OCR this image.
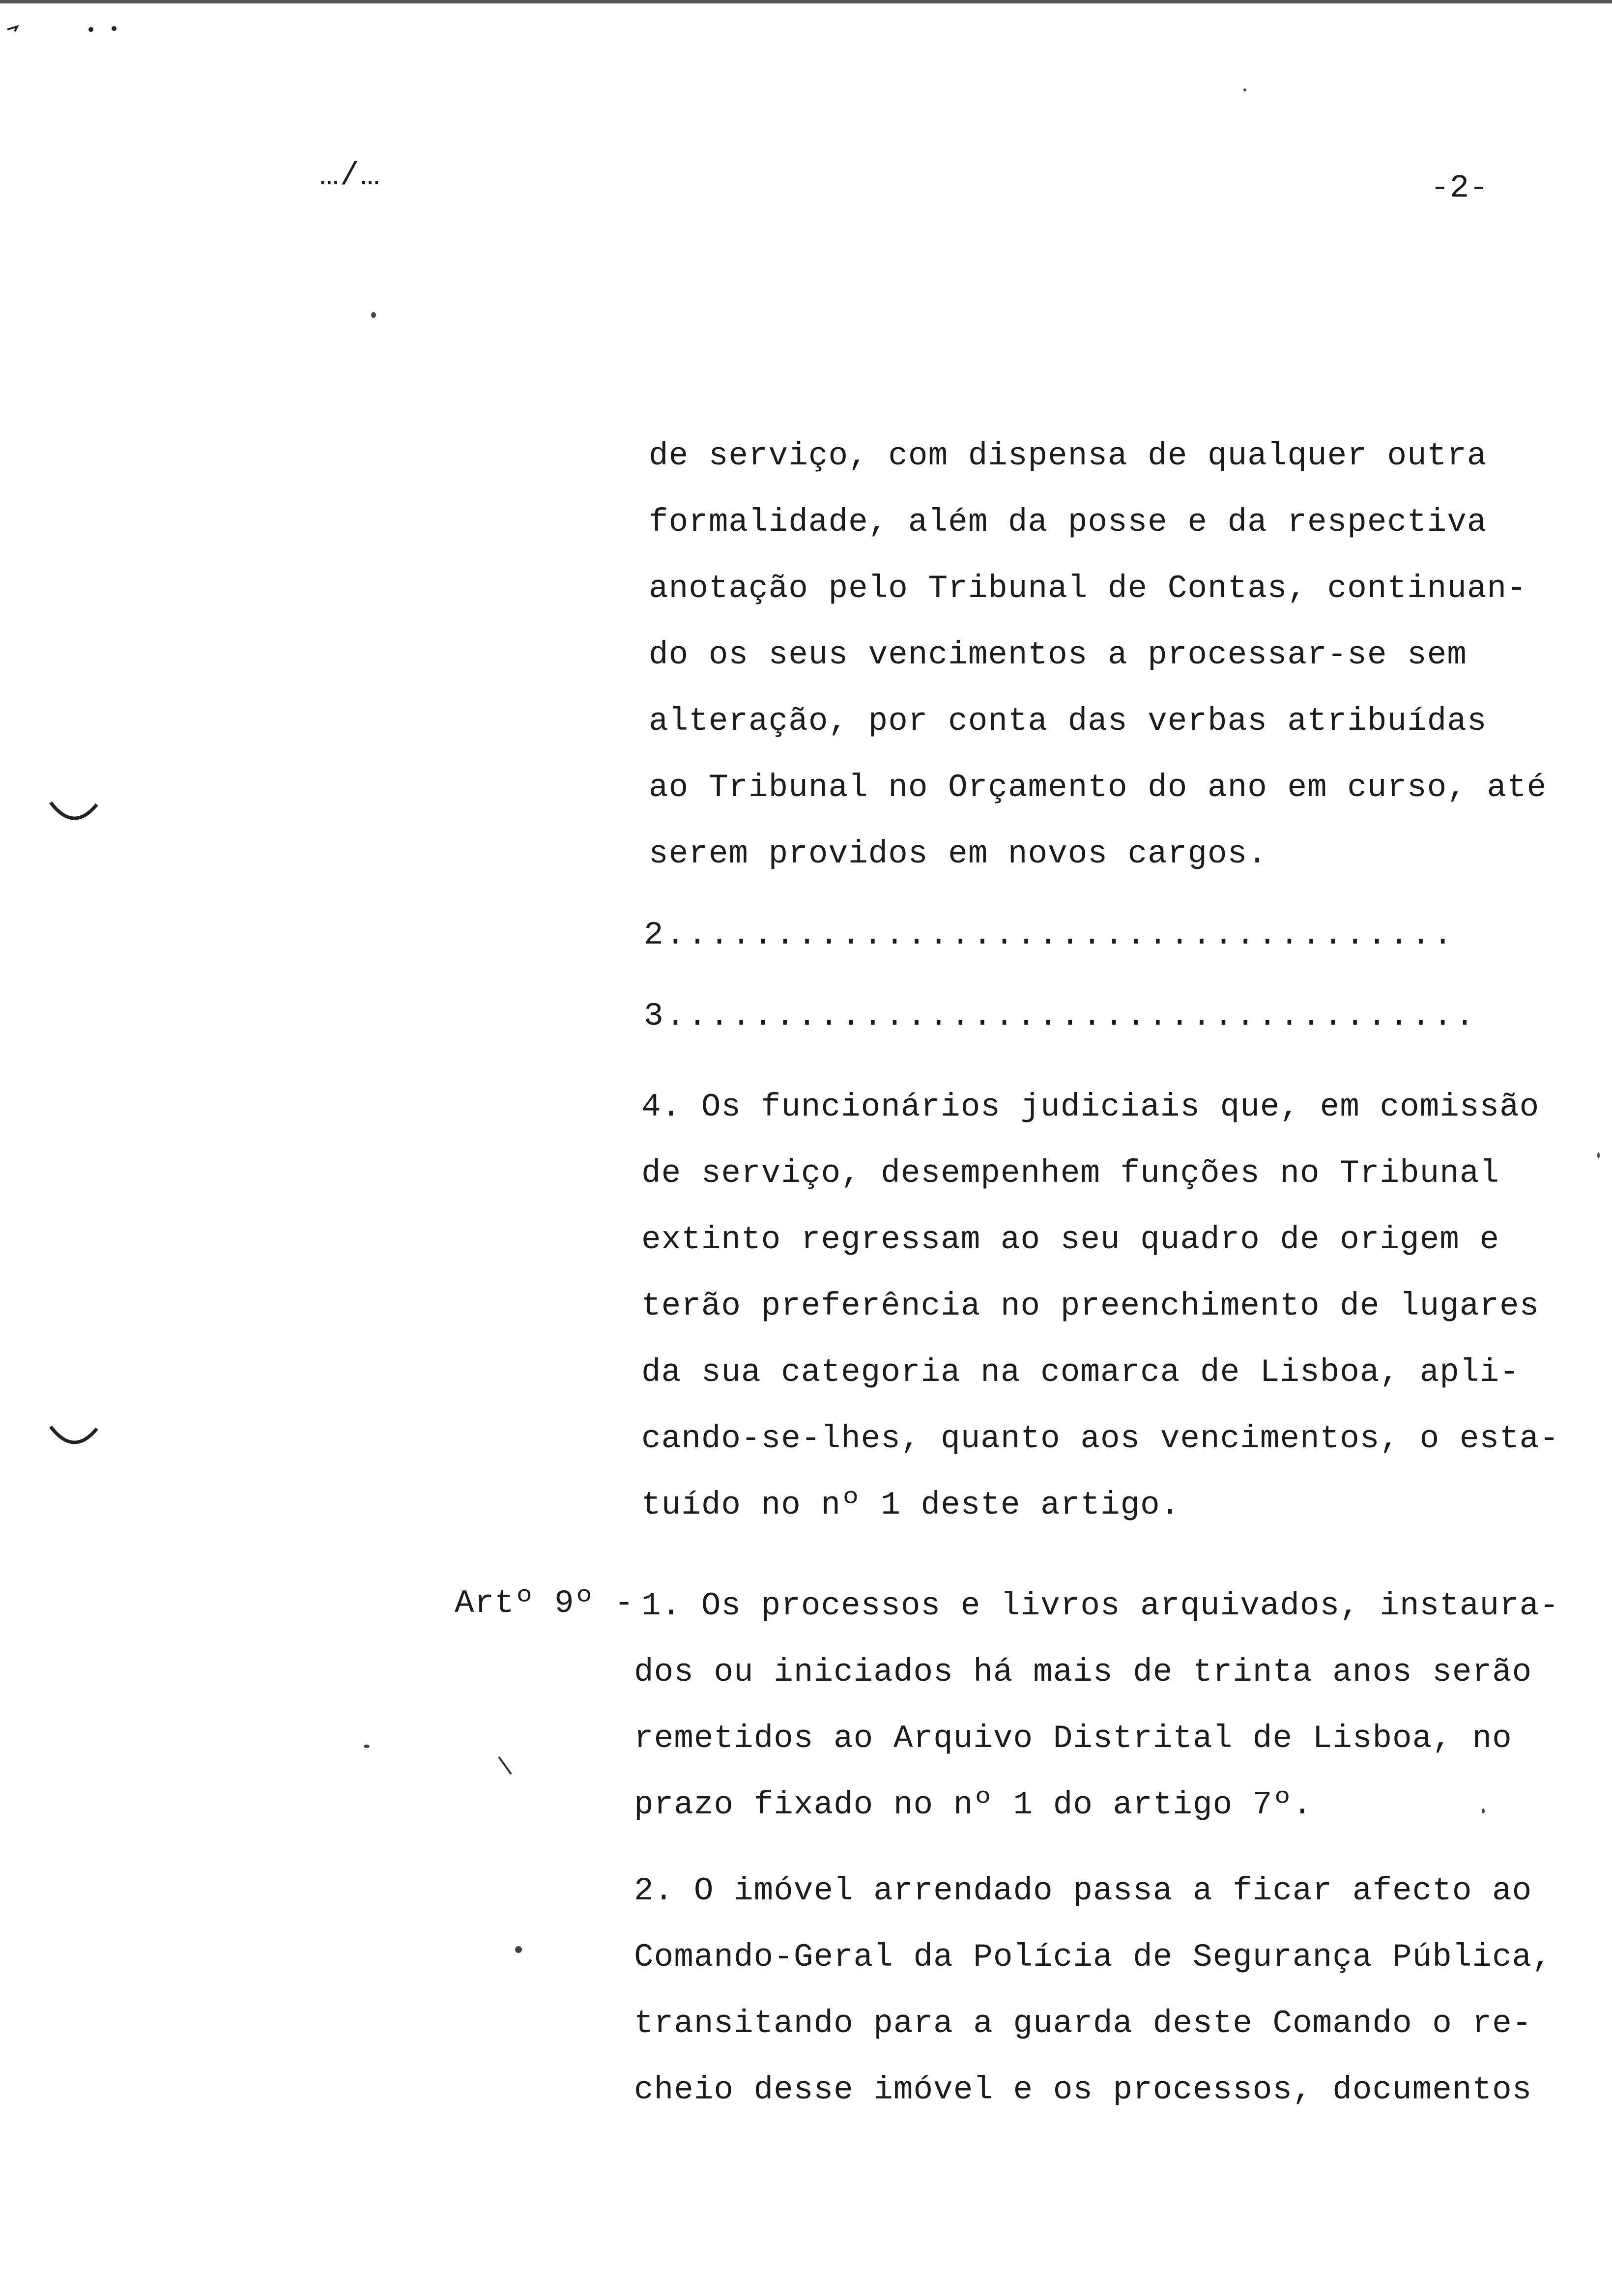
…/…	-2-
de serviço, com dispensa de qualquer outra
formalidade, além da posse e da respectiva
anotação pelo Tribunal de Contas, continuan-
do os seus vencimentos a processar-se sem
alteração, por conta das verbas atribuídas
ao Tribunal no Orçamento do ano em curso, até
serem providos em novos cargos.
2....................................
3.....................................
4. Os funcionários judiciais que, em comissão
de serviço, desempenhem funções no Tribunal
extinto regressam ao seu quadro de origem e
terão preferência no preenchimento de lugares
da sua categoria na comarca de Lisboa, apli-
cando-se-lhes, quanto aos vencimentos, o esta-
tuído no nº 1 deste artigo.
Artº 9º - 1. Os processos e livros arquivados, instaura-
dos ou iniciados há mais de trinta anos serão
remetidos ao Arquivo Distrital de Lisboa, no
prazo fixado no nº 1 do artigo 7º.
2. O imóvel arrendado passa a ficar afecto ao
Comando-Geral da Polícia de Segurança Pública,
transitando para a guarda deste Comando o re-
cheio desse imóvel e os processos, documentos
